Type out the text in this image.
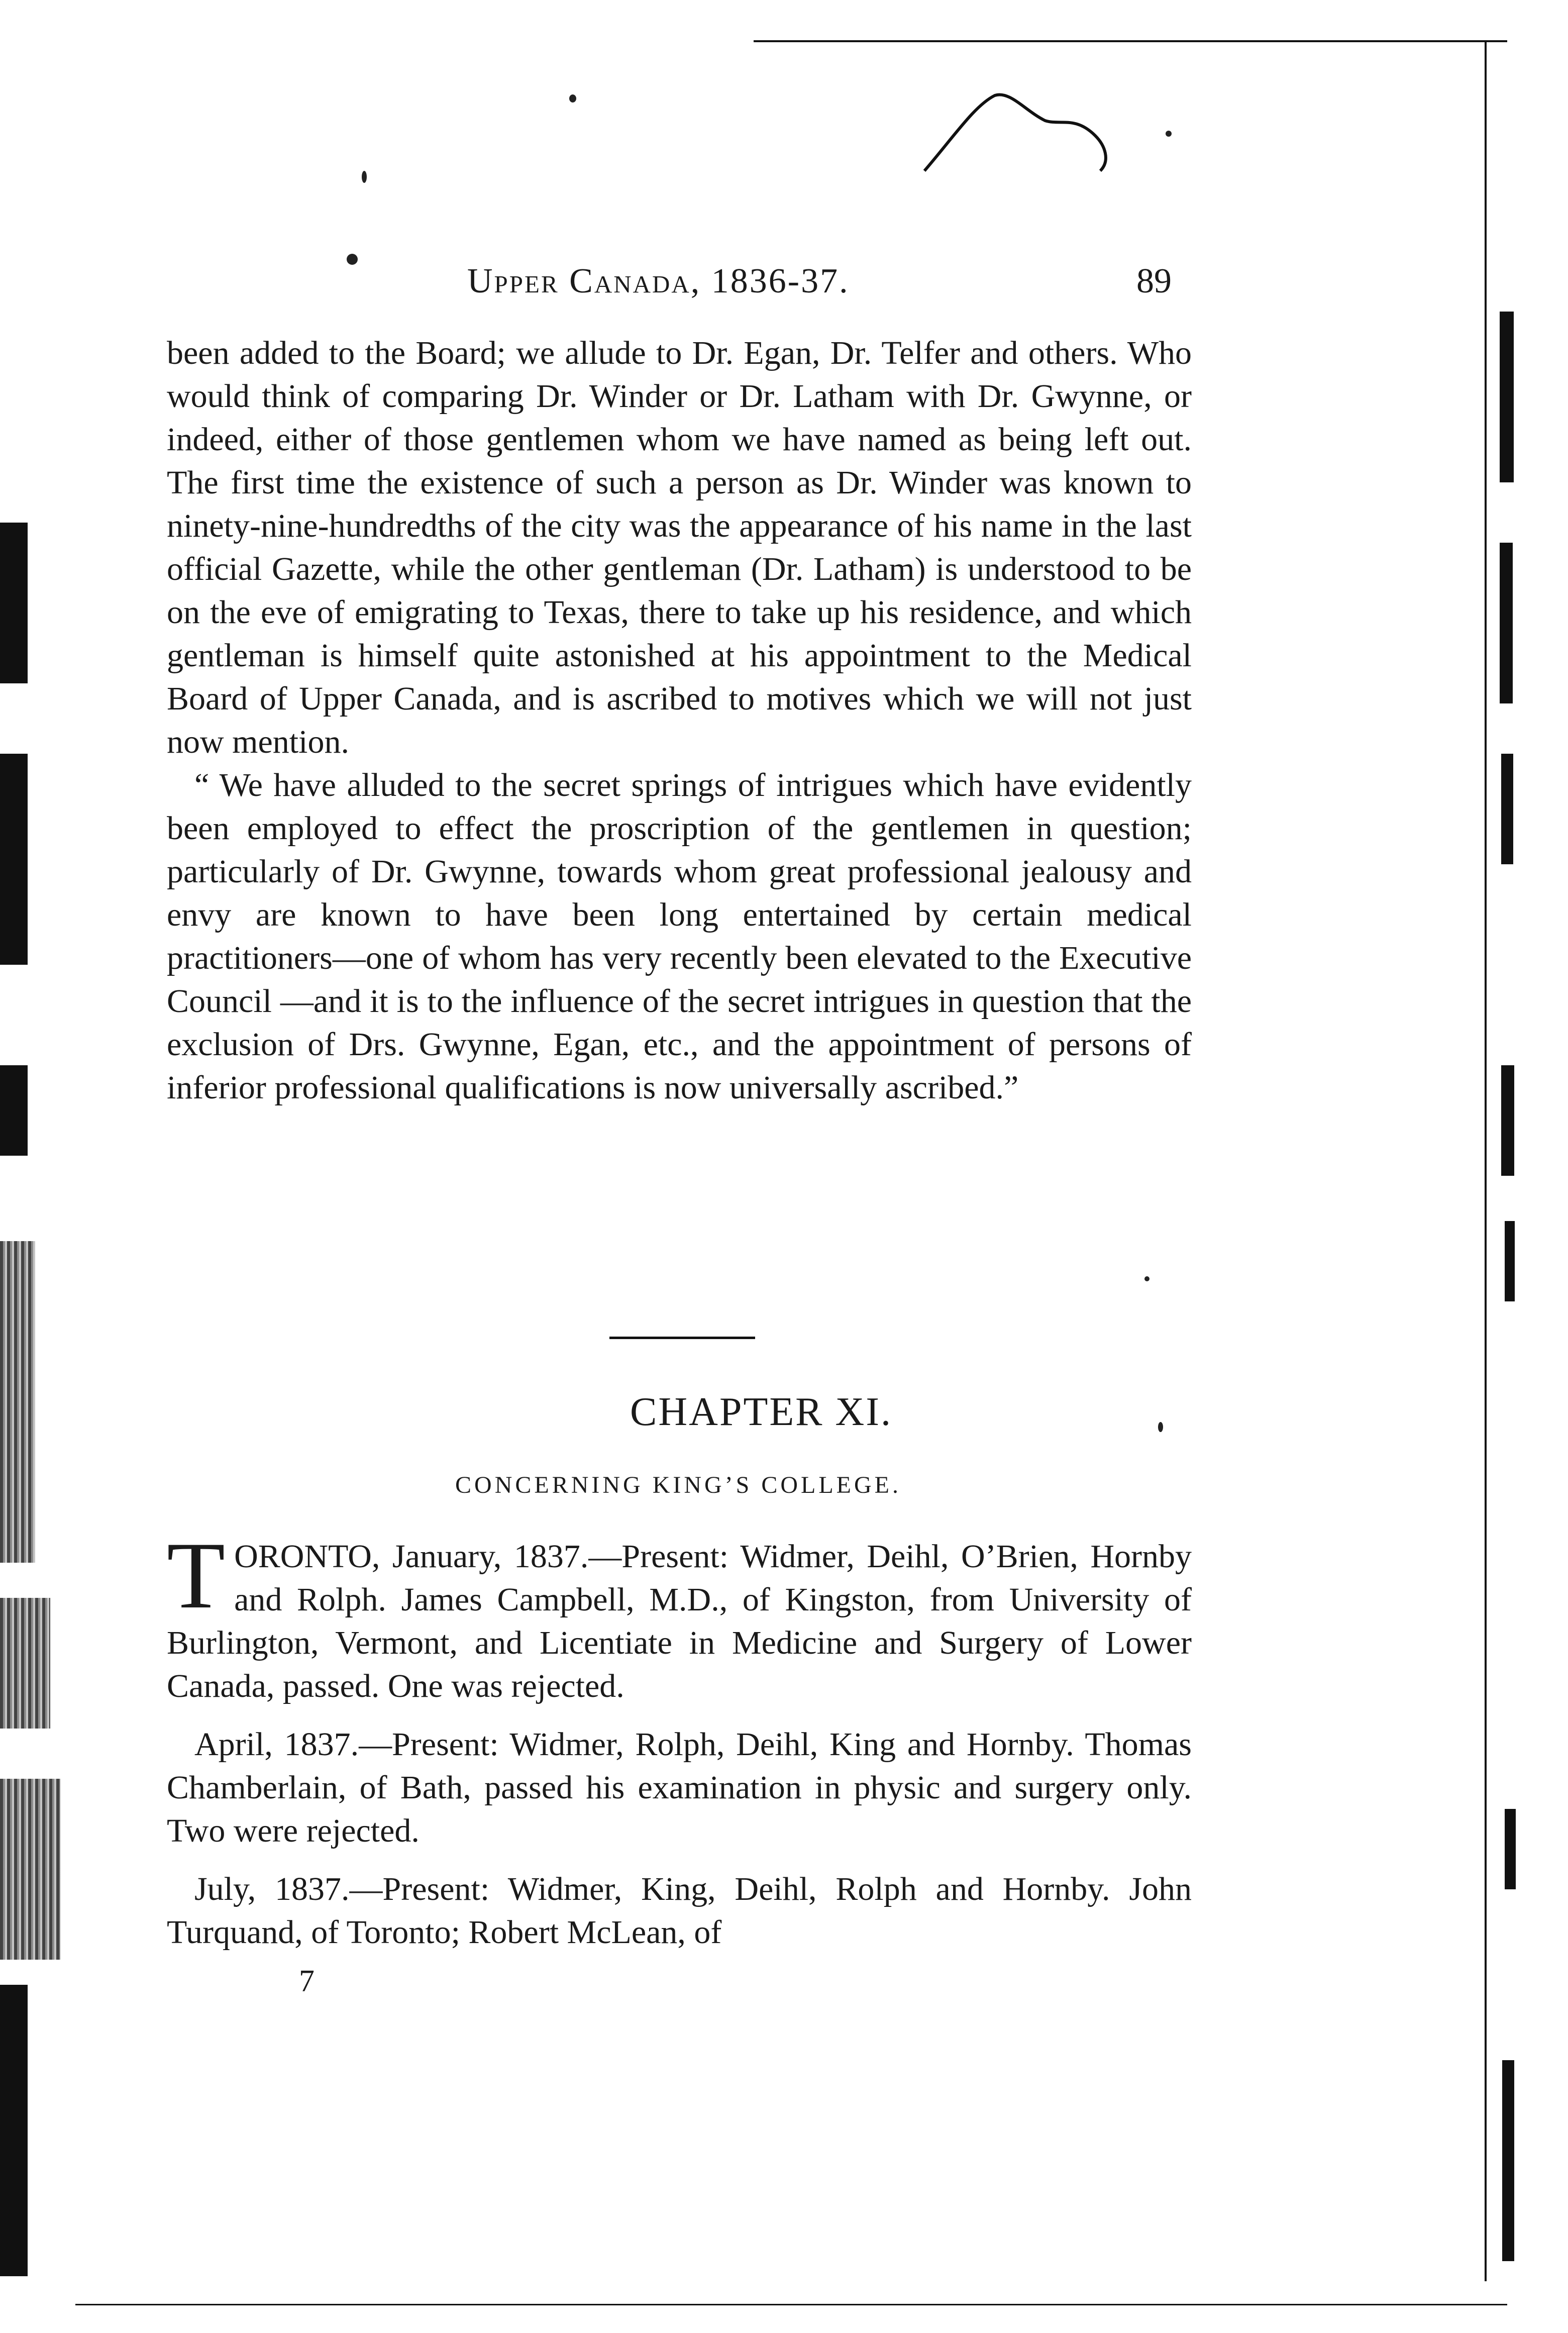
Upper Canada, 1836-37.	89

been added to the Board; we allude to Dr. Egan, Dr. Telfer and others. Who would think of comparing Dr. Winder or Dr. Latham with Dr. Gwynne, or indeed, either of those gentlemen whom we have named as being left out. The first time the existence of such a person as Dr. Winder was known to ninety-nine-hundredths of the city was the appearance of his name in the last official Gazette, while the other gentleman (Dr. Latham) is understood to be on the eve of emigrating to Texas, there to take up his residence, and which gentleman is himself quite astonished at his appointment to the Medical Board of Upper Canada, and is ascribed to motives which we will not just now mention.

“ We have alluded to the secret springs of intrigues which have evidently been employed to effect the proscription of the gentlemen in question; particularly of Dr. Gwynne, towards whom great professional jealousy and envy are known to have been long entertained by certain medical practitioners—one of whom has very recently been elevated to the Executive Council —and it is to the influence of the secret intrigues in question that the exclusion of Drs. Gwynne, Egan, etc., and the appointment of persons of inferior professional qualifications is now universally ascribed.”

CHAPTER XI.
CONCERNING KING’S COLLEGE.

TORONTO, January, 1837.—Present: Widmer, Deihl, O’Brien, Hornby and Rolph. James Campbell, M.D., of Kingston, from University of Burlington, Vermont, and Licentiate in Medicine and Surgery of Lower Canada, passed. One was rejected.

April, 1837.—Present: Widmer, Rolph, Deihl, King and Hornby. Thomas Chamberlain, of Bath, passed his examination in physic and surgery only. Two were rejected.

July, 1837.—Present: Widmer, King, Deihl, Rolph and Hornby. John Turquand, of Toronto; Robert McLean, of

7
